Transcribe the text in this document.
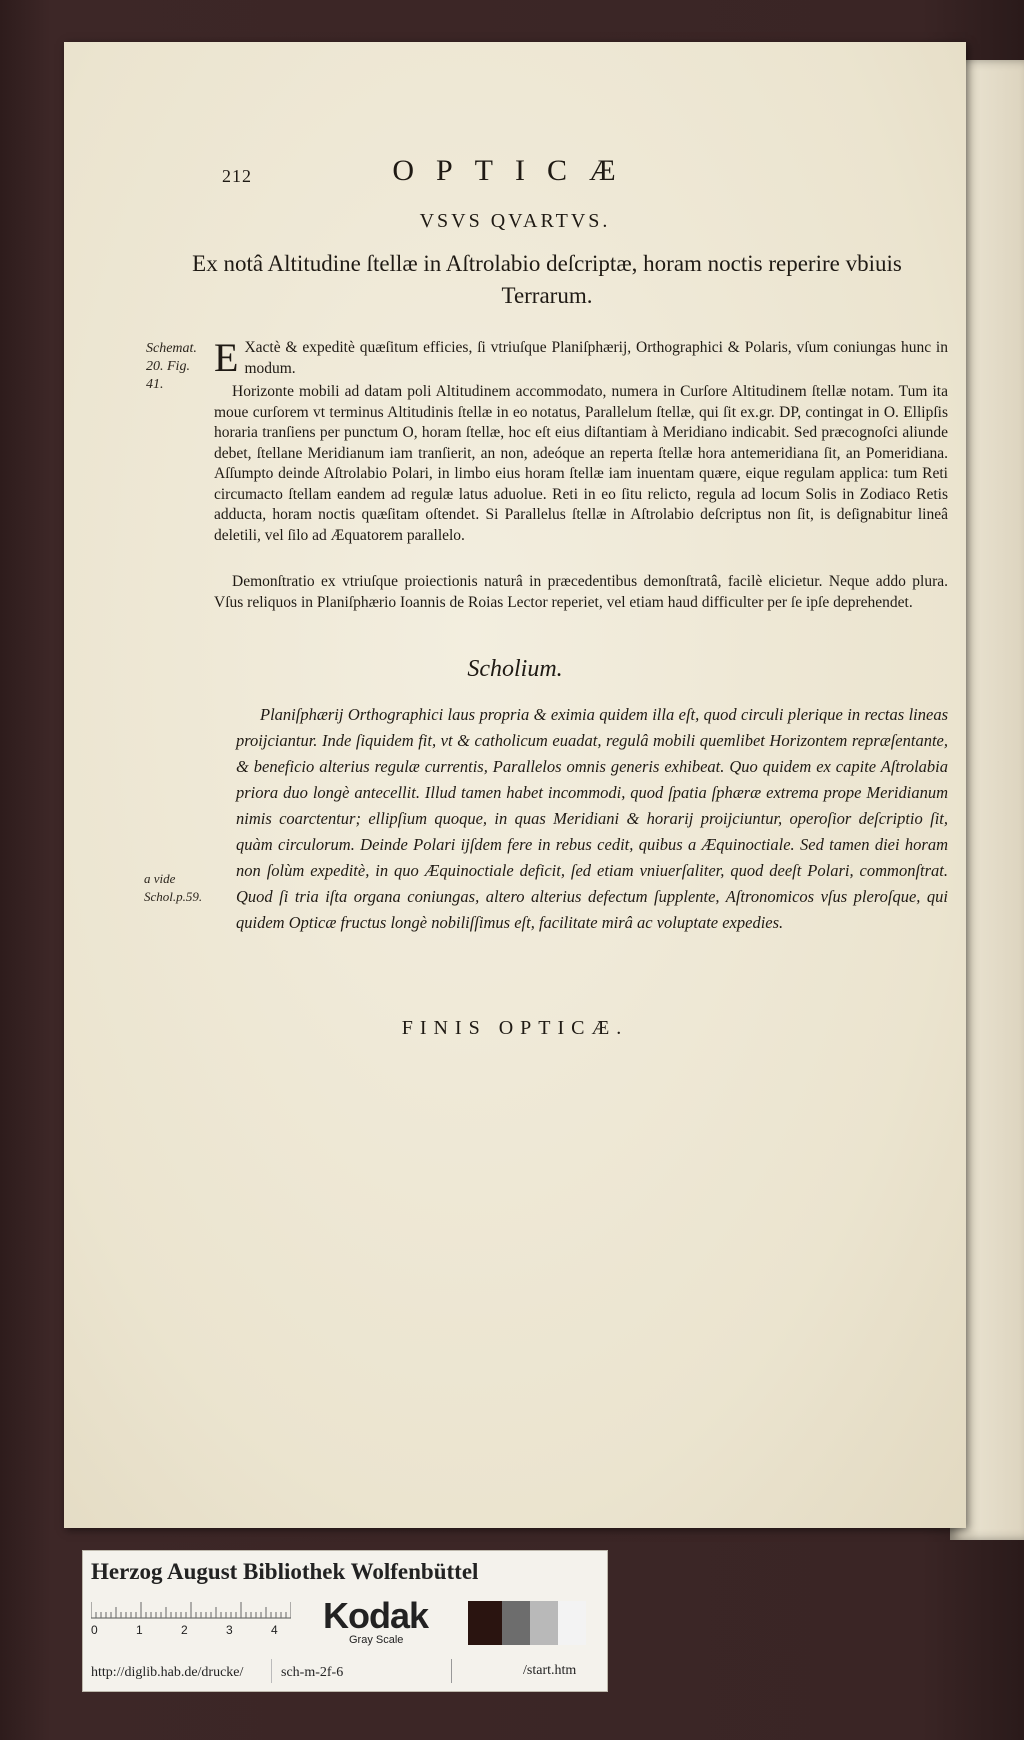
212	OPTICÆ
VSVS QVARTVS.
Ex notâ Altitudine ſtellæ in Aſtrolabio deſcriptæ, horam noctis reperire vbiuis Terrarum.
Schemat. 20. Fig. 41.
E Xactè & expeditè quæſitum efficies, ſi vtriuſque Planiſphærij, Orthographici & Polaris, vſum coniungas hunc in modum.
Horizonte mobili ad datam poli Altitudinem accommodato, numera in Curſore Altitudinem ſtellæ notam. Tum ita moue curſorem vt terminus Altitudinis ſtellæ in eo notatus, Parallelum ſtellæ, qui ſit ex.gr. DP, contingat in O. Ellipſis horaria tranſiens per punctum O, horam ſtellæ, hoc eſt eius diſtantiam à Meridiano indicabit. Sed præcognoſci aliunde debet, ſtellane Meridianum iam tranſierit, an non, adeóque an reperta ſtellæ hora antemeridiana ſit, an Pomeridiana. Aſſumpto deinde Aſtrolabio Polari, in limbo eius horam ſtellæ iam inuentam quære, eique regulam applica: tum Reti circumacto ſtellam eandem ad regulæ latus aduolue. Reti in eo ſitu relicto, regula ad locum Solis in Zodiaco Retis adducta, horam noctis quæſitam oſtendet. Si Parallelus ſtellæ in Aſtrolabio deſcriptus non ſit, is deſignabitur lineâ deletili, vel ſilo ad Æquatorem parallelo.
Demonſtratio ex vtriuſque proiectionis naturâ in præcedentibus demonſtratâ, facilè elicietur. Neque addo plura. Vſus reliquos in Planiſphærio Ioannis de Roias Lector reperiet, vel etiam haud difficulter per ſe ipſe deprehendet.
Scholium.
Planiſphærij Orthographici laus propria & eximia quidem illa eſt, quod circuli plerique in rectas lineas proijciantur. Inde ſiquidem fit, vt & catholicum euadat, regulâ mobili quemlibet Horizontem repræſentante, & beneficio alterius regulæ currentis, Parallelos omnis generis exhibeat. Quo quidem ex capite Aſtrolabia priora duo longè antecellit. Illud tamen habet incommodi, quod ſpatia ſphæræ extrema prope Meridianum nimis coarctentur; ellipſium quoque, in quas Meridiani & horarij proijciuntur, operoſior deſcriptio ſit, quàm circulorum. Deinde Polari ijſdem fere in rebus cedit, quibus a Æquinoctiale. Sed tamen diei horam non ſolùm expeditè, in quo Æquinoctiale deficit, ſed etiam vniuerſaliter, quod deeſt Polari, commonſtrat. Quod ſi tria iſta organa coniungas, altero alterius defectum ſupplente, Aſtronomicos vſus pleroſque, qui quidem Opticæ fructus longè nobiliſſimus eſt, facilitate mirâ ac voluptate expedies.
a vide Schol.p.59.
FINIS OPTICÆ.
Herzog August Bibliothek Wolfenbüttel
0	1	2	3	4 Kodak
Gray Scale
http://diglib.hab.de/drucke/	sch-m-2f-6	/start.htm
